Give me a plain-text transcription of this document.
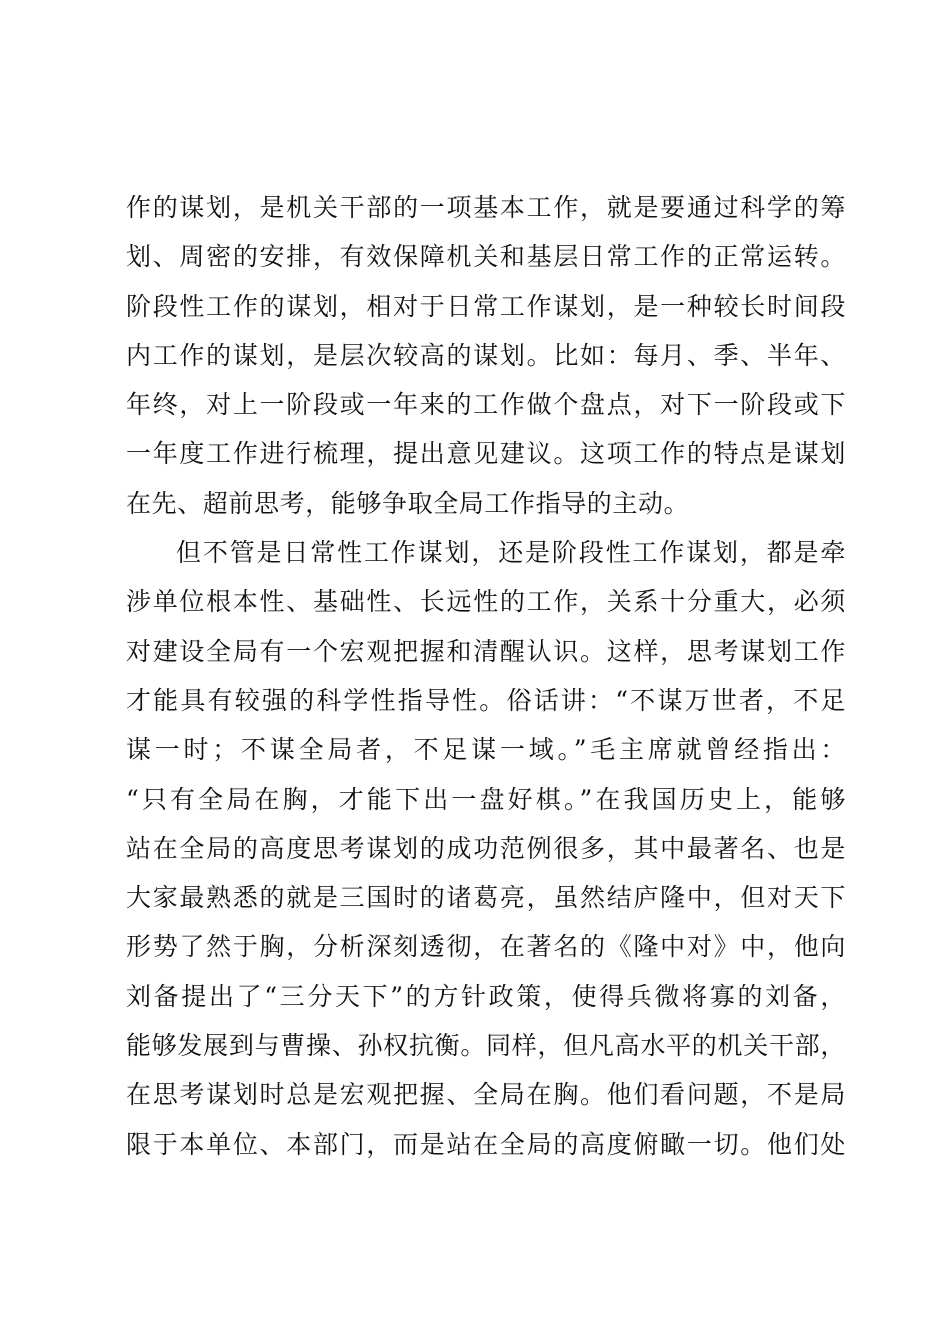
作的谋划，是机关干部的一项基本工作，就是要通过科学的筹
划、周密的安排，有效保障机关和基层日常工作的正常运转。
阶段性工作的谋划，相对于日常工作谋划，是一种较长时间段
内工作的谋划，是层次较高的谋划。比如：每月、季、半年、
年终，对上一阶段或一年来的工作做个盘点，对下一阶段或下
一年度工作进行梳理，提出意见建议。这项工作的特点是谋划
在先、超前思考，能够争取全局工作指导的主动。
但不管是日常性工作谋划，还是阶段性工作谋划，都是牵
涉单位根本性、基础性、长远性的工作，关系十分重大，必须
对建设全局有一个宏观把握和清醒认识。这样，思考谋划工作
才能具有较强的科学性指导性。俗话讲：“不谋万世者，不足
谋一时；不谋全局者，不足谋一域。”毛主席就曾经指出：
“只有全局在胸，才能下出一盘好棋。”在我国历史上，能够
站在全局的高度思考谋划的成功范例很多，其中最著名、也是
大家最熟悉的就是三国时的诸葛亮，虽然结庐隆中，但对天下
形势了然于胸，分析深刻透彻，在著名的《隆中对》中，他向
刘备提出了“三分天下”的方针政策，使得兵微将寡的刘备，
能够发展到与曹操、孙权抗衡。同样，但凡高水平的机关干部，
在思考谋划时总是宏观把握、全局在胸。他们看问题，不是局
限于本单位、本部门，而是站在全局的高度俯瞰一切。他们处
